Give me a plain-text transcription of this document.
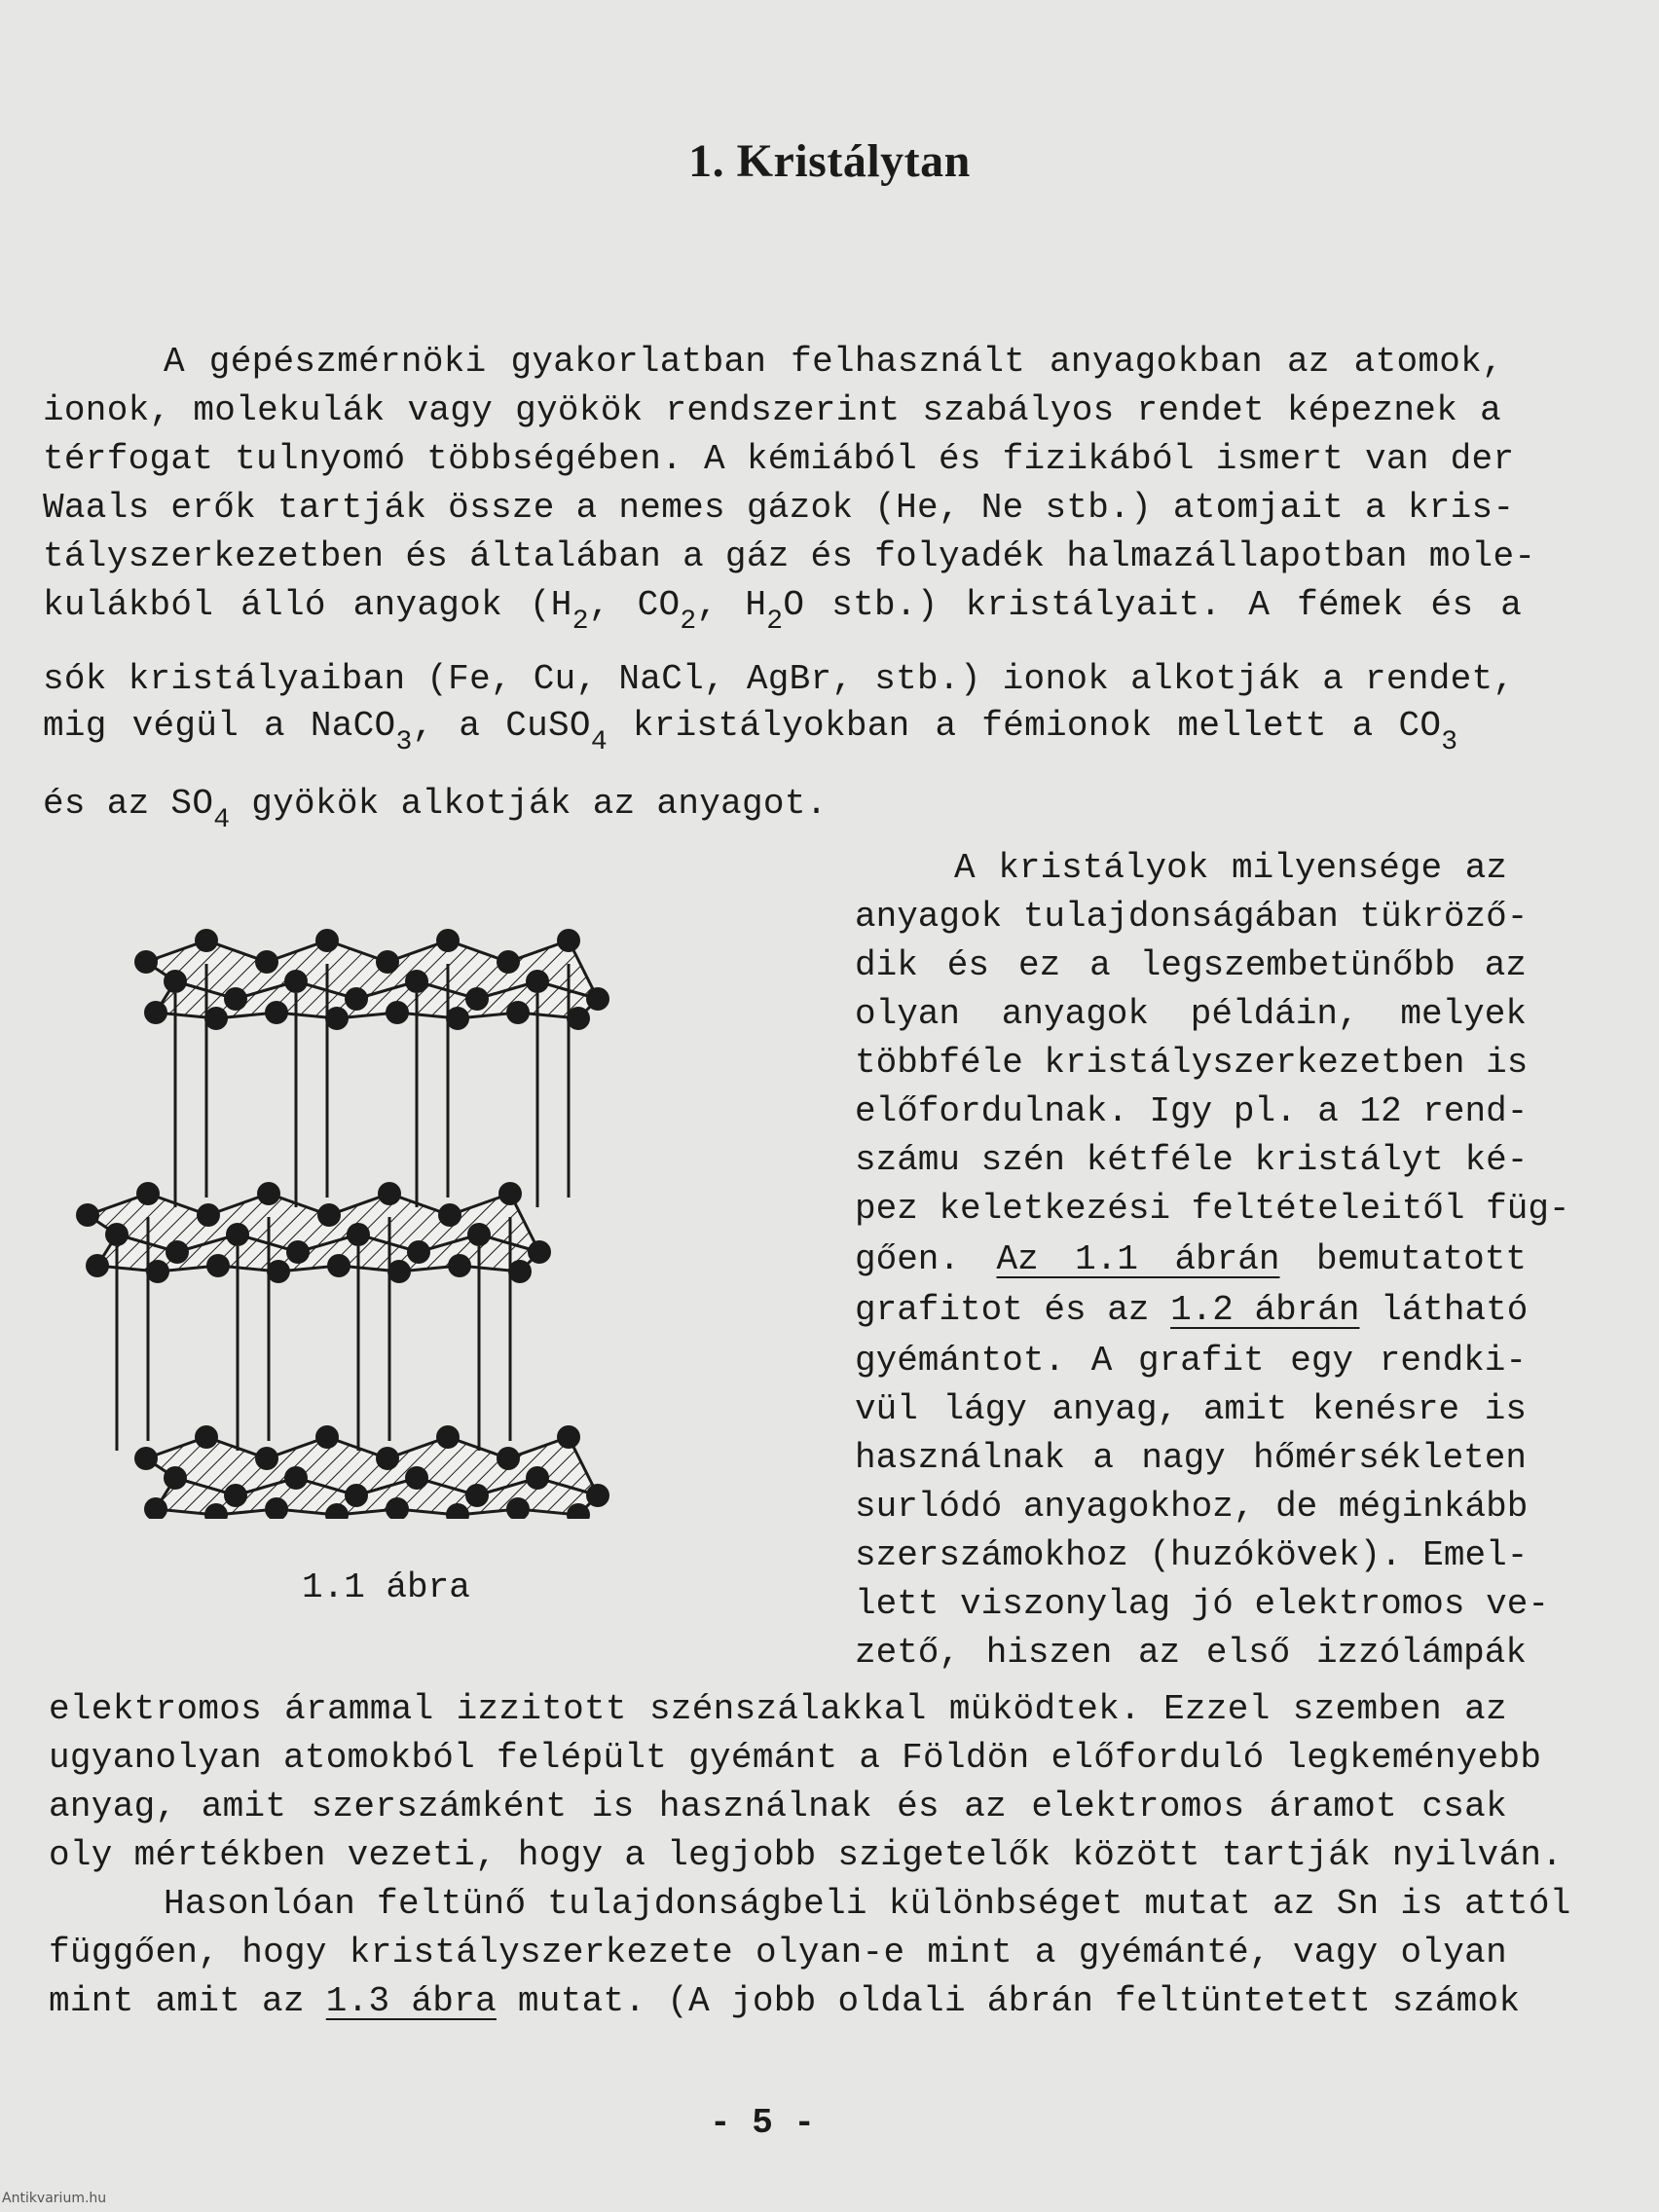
1. Kristálytan
A gépészmérnöki gyakorlatban felhasznált anyagokban az atomok,
ionok, molekulák vagy gyökök rendszerint szabályos rendet képeznek a
térfogat tulnyomó többségében. A kémiából és fizikából ismert van der
Waals erők tartják össze a nemes gázok (He, Ne stb.) atomjait a kris-
tályszerkezetben és általában a gáz és folyadék halmazállapotban mole-
kulákból álló anyagok ($H_2$, $CO_2$, $H_2O$ stb.) kristályait. A fémek és a
sók kristályaiban (Fe, Cu, NaCl, AgBr, stb.) ionok alkotják a rendet,
mig végül a NaCO$_3$, a CuSO$_4$ kristályokban a fémionok mellett a $CO_3$
és az $SO_4$ gyökök alkotják az anyagot.
A kristályok milyensége az
anyagok tulajdonságában tükröző-
dik és ez a legszembetünőbb az
olyan anyagok példáin, melyek
többféle kristályszerkezetben is
előfordulnak. Igy pl. a 12 rend-
számu szén kétféle kristályt ké-
pez keletkezési feltételeitől füg-
gően. Az 1.1 ábrán bemutatott
grafitot és az 1.2 ábrán látható
gyémántot. A grafit egy rendki-
vül lágy anyag, amit kenésre is
használnak a nagy hőmérsékleten
surlódó anyagokhoz, de méginkább
szerszámokhoz (huzókövek). Emel-
lett viszonylag jó elektromos ve-
zető, hiszen az első izzólámpák
elektromos árammal izzitott szénszálakkal müködtek. Ezzel szemben az
ugyanolyan atomokból felépült gyémánt a Földön előforduló legkeményebb
anyag, amit szerszámként is használnak és az elektromos áramot csak
oly mértékben vezeti, hogy a legjobb szigetelők között tartják nyilván.
Hasonlóan feltünő tulajdonságbeli különbséget mutat az Sn is attól
függően, hogy kristályszerkezete olyan-e mint a gyémánté, vagy olyan
mint amit az 1.3 ábra mutat. (A jobb oldali ábrán feltüntetett számok
1.1 ábra
- 5 -
Antikvarium.hu
